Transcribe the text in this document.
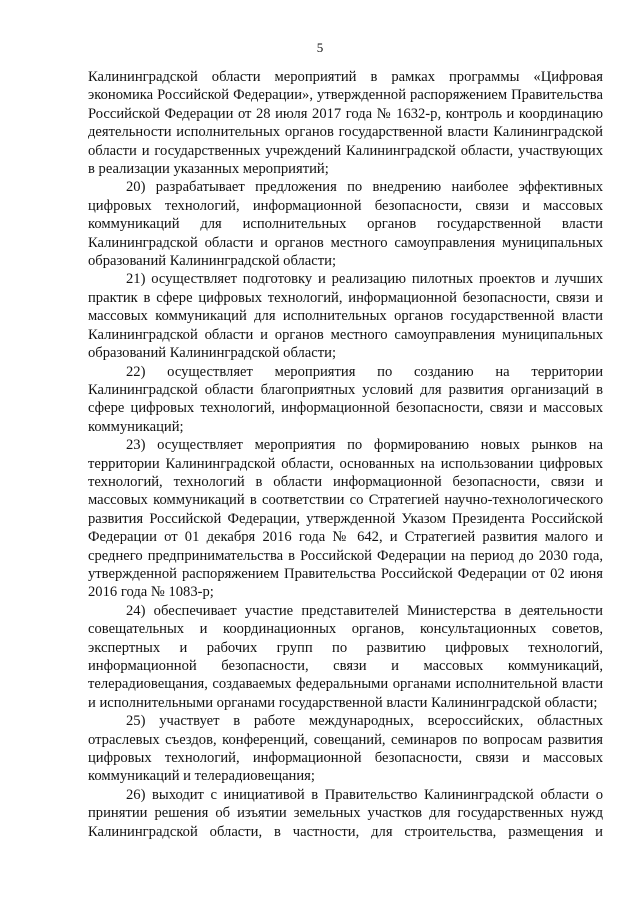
5

Калининградской области мероприятий в рамках программы «Цифровая экономика Российской Федерации», утвержденной распоряжением Правительства Российской Федерации от 28 июля 2017 года № 1632-р, контроль и координацию деятельности исполнительных органов государственной власти Калининградской области и государственных учреждений Калининградской области, участвующих в реализации указанных мероприятий;

20) разрабатывает предложения по внедрению наиболее эффективных цифровых технологий, информационной безопасности, связи и массовых коммуникаций для исполнительных органов государственной власти Калининградской области и органов местного самоуправления муниципальных образований Калининградской области;

21) осуществляет подготовку и реализацию пилотных проектов и лучших практик в сфере цифровых технологий, информационной безопасности, связи и массовых коммуникаций для исполнительных органов государственной власти Калининградской области и органов местного самоуправления муниципальных образований Калининградской области;

22) осуществляет мероприятия по созданию на территории Калининградской области благоприятных условий для развития организаций в сфере цифровых технологий, информационной безопасности, связи и массовых коммуникаций;

23) осуществляет мероприятия по формированию новых рынков на территории Калининградской области, основанных на использовании цифровых технологий, технологий в области информационной безопасности, связи и массовых коммуникаций в соответствии со Стратегией научно-технологического развития Российской Федерации, утвержденной Указом Президента Российской Федерации от 01 декабря 2016 года № 642, и Стратегией развития малого и среднего предпринимательства в Российской Федерации на период до 2030 года, утвержденной распоряжением Правительства Российской Федерации от 02 июня 2016 года № 1083-р;

24) обеспечивает участие представителей Министерства в деятельности совещательных и координационных органов, консультационных советов, экспертных и рабочих групп по развитию цифровых технологий, информационной безопасности, связи и массовых коммуникаций, телерадиовещания, создаваемых федеральными органами исполнительной власти и исполнительными органами государственной власти Калининградской области;

25) участвует в работе международных, всероссийских, областных отраслевых съездов, конференций, совещаний, семинаров по вопросам развития цифровых технологий, информационной безопасности, связи и массовых коммуникаций и телерадиовещания;

26) выходит с инициативой в Правительство Калининградской области о принятии решения об изъятии земельных участков для государственных нужд Калининградской области, в частности, для строительства, размещения и
